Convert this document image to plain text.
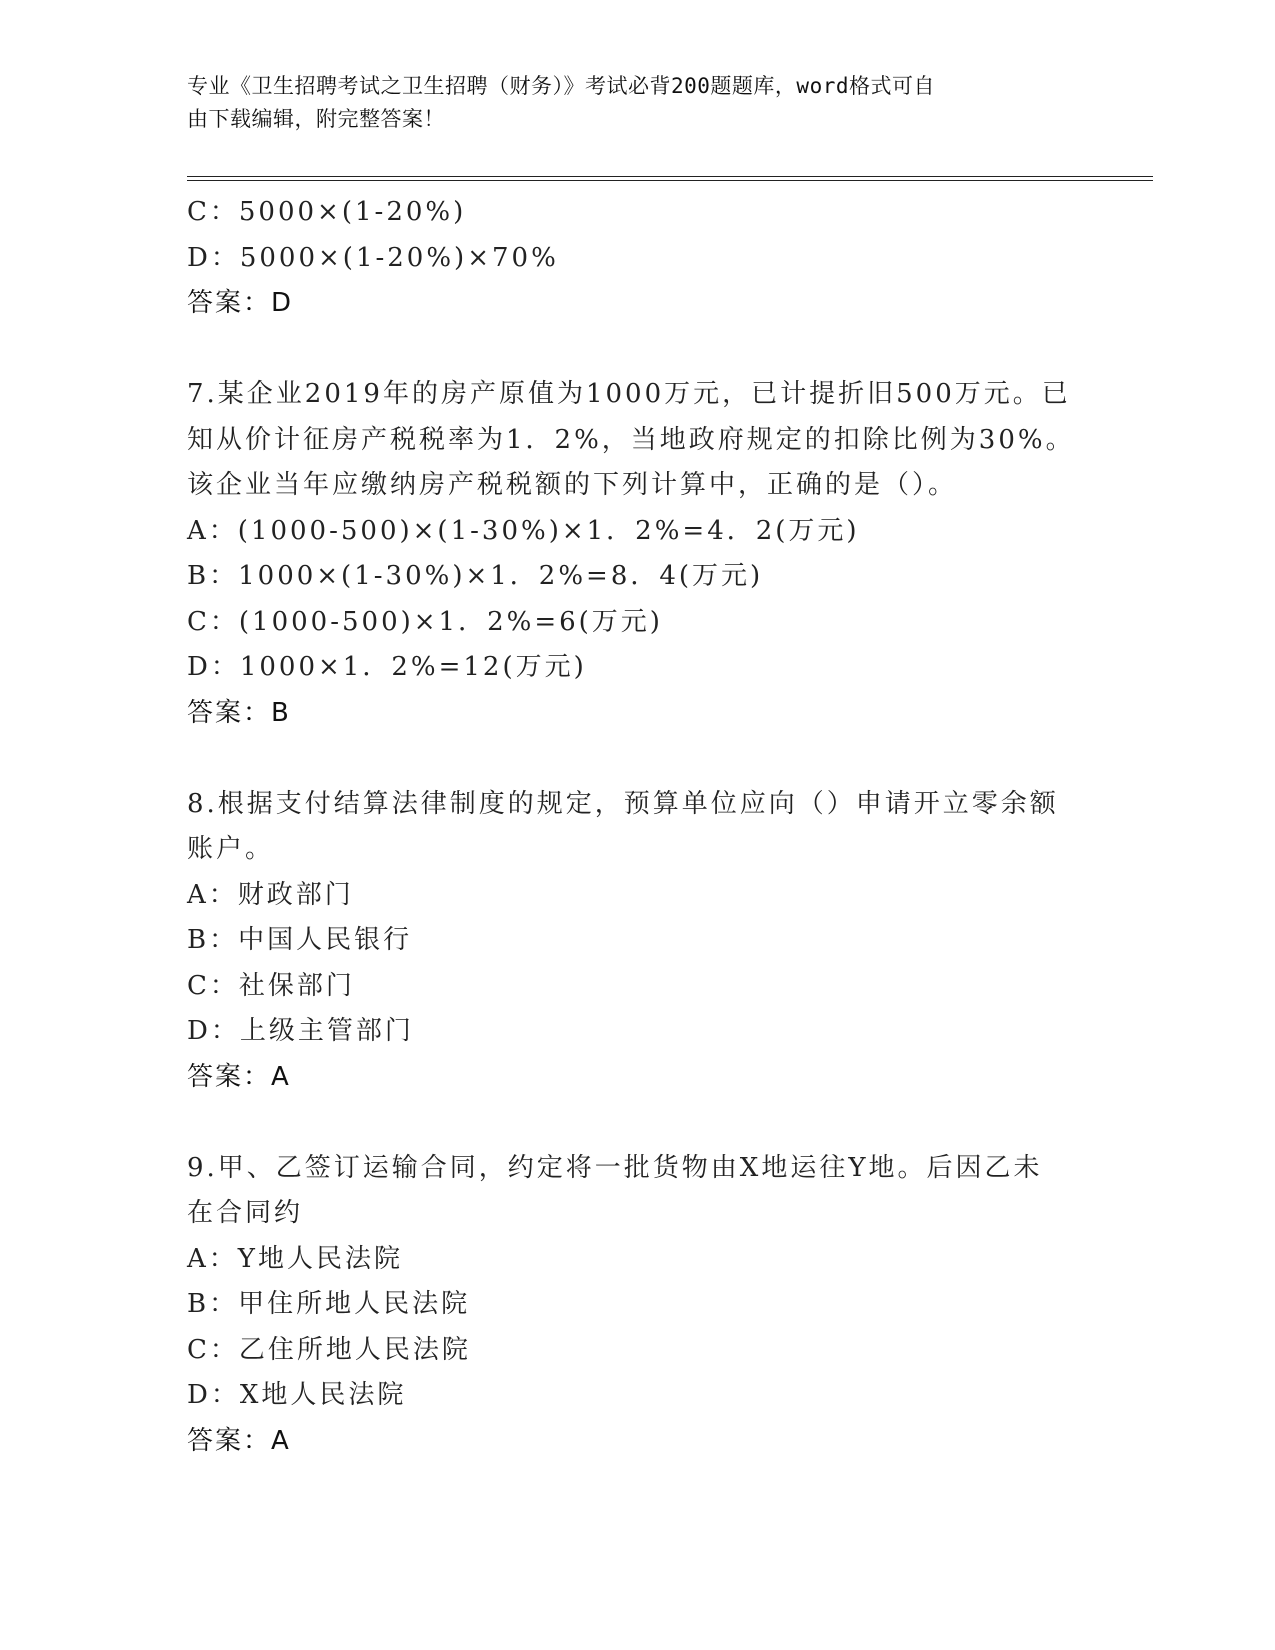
专业《卫生招聘考试之卫生招聘（财务）》考试必背200题题库，word格式可自
由下载编辑，附完整答案！
C：5000×(1-20%)
D：5000×(1-20%)×70%
答案：D
7.某企业2019年的房产原值为1000万元，已计提折旧500万元。已
知从价计征房产税税率为1．2%，当地政府规定的扣除比例为30%。
该企业当年应缴纳房产税税额的下列计算中，正确的是（）。
A：(1000-500)×(1-30%)×1．2%=4．2(万元)
B：1000×(1-30%)×1．2%=8．4(万元)
C：(1000-500)×1．2%=6(万元)
D：1000×1．2%=12(万元)
答案：B
8.根据支付结算法律制度的规定，预算单位应向（）申请开立零余额
账户。
A：财政部门
B：中国人民银行
C：社保部门
D：上级主管部门
答案：A
9.甲、乙签订运输合同，约定将一批货物由X地运往Y地。后因乙未
在合同约
A：Y地人民法院
B：甲住所地人民法院
C：乙住所地人民法院
D：X地人民法院
答案：A
